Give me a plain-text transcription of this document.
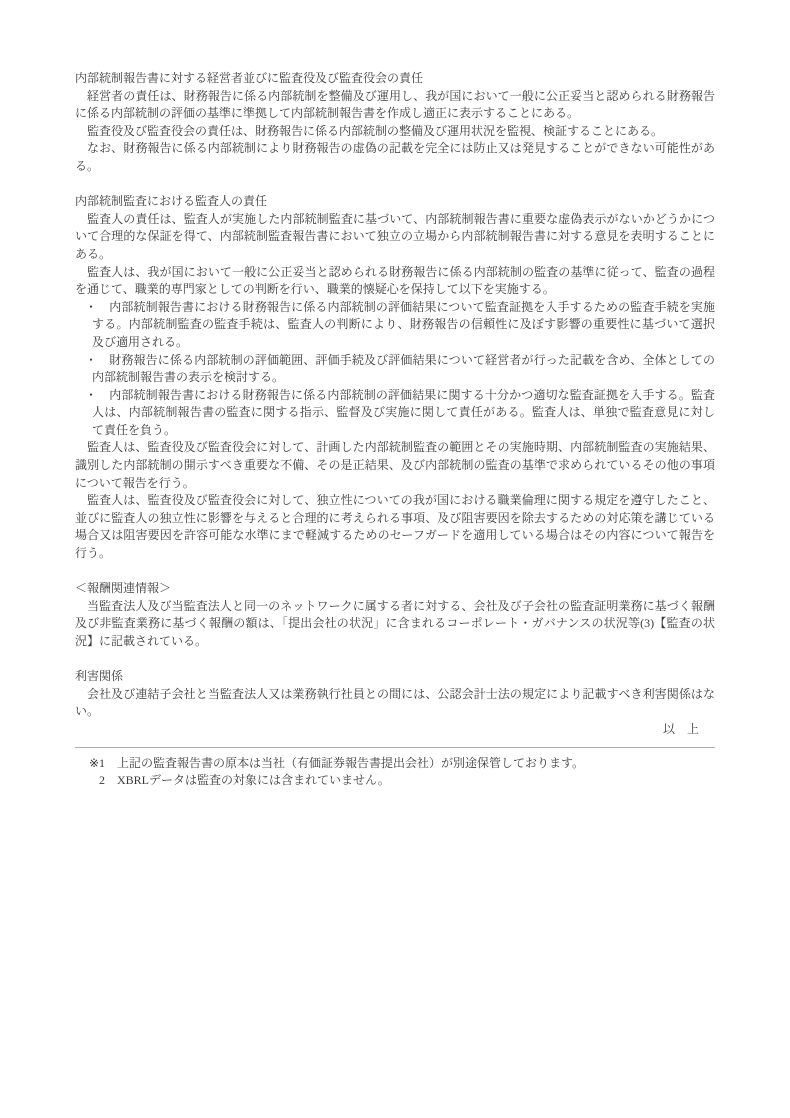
内部統制報告書に対する経営者並びに監査役及び監査役会の責任

経営者の責任は、財務報告に係る内部統制を整備及び運用し、我が国において一般に公正妥当と認められる財務報告に係る内部統制の評価の基準に準拠して内部統制報告書を作成し適正に表示することにある。

監査役及び監査役会の責任は、財務報告に係る内部統制の整備及び運用状況を監視、検証することにある。

なお、財務報告に係る内部統制により財務報告の虚偽の記載を完全には防止又は発見することができない可能性がある。

内部統制監査における監査人の責任

監査人の責任は、監査人が実施した内部統制監査に基づいて、内部統制報告書に重要な虚偽表示がないかどうかについて合理的な保証を得て、内部統制監査報告書において独立の立場から内部統制報告書に対する意見を表明することにある。

監査人は、我が国において一般に公正妥当と認められる財務報告に係る内部統制の監査の基準に従って、監査の過程を通じて、職業的専門家としての判断を行い、職業的懐疑心を保持して以下を実施する。

・ 内部統制報告書における財務報告に係る内部統制の評価結果について監査証拠を入手するための監査手続を実施する。内部統制監査の監査手続は、監査人の判断により、財務報告の信頼性に及ぼす影響の重要性に基づいて選択及び適用される。

・ 財務報告に係る内部統制の評価範囲、評価手続及び評価結果について経営者が行った記載を含め、全体としての内部統制報告書の表示を検討する。

・ 内部統制報告書における財務報告に係る内部統制の評価結果に関する十分かつ適切な監査証拠を入手する。監査人は、内部統制報告書の監査に関する指示、監督及び実施に関して責任がある。監査人は、単独で監査意見に対して責任を負う。

監査人は、監査役及び監査役会に対して、計画した内部統制監査の範囲とその実施時期、内部統制監査の実施結果、識別した内部統制の開示すべき重要な不備、その是正結果、及び内部統制の監査の基準で求められているその他の事項について報告を行う。

監査人は、監査役及び監査役会に対して、独立性についての我が国における職業倫理に関する規定を遵守したこと、並びに監査人の独立性に影響を与えると合理的に考えられる事項、及び阻害要因を除去するための対応策を講じている場合又は阻害要因を許容可能な水準にまで軽減するためのセーフガードを適用している場合はその内容について報告を行う。

＜報酬関連情報＞

当監査法人及び当監査法人と同一のネットワークに属する者に対する、会社及び子会社の監査証明業務に基づく報酬及び非監査業務に基づく報酬の額は、「提出会社の状況」に含まれるコーポレート・ガバナンスの状況等(3)【監査の状況】に記載されている。

利害関係

会社及び連結子会社と当監査法人又は業務執行社員との間には、公認会計士法の規定により記載すべき利害関係はない。

以　上

※1 上記の監査報告書の原本は当社（有価証券報告書提出会社）が別途保管しております。
2 XBRLデータは監査の対象には含まれていません。
